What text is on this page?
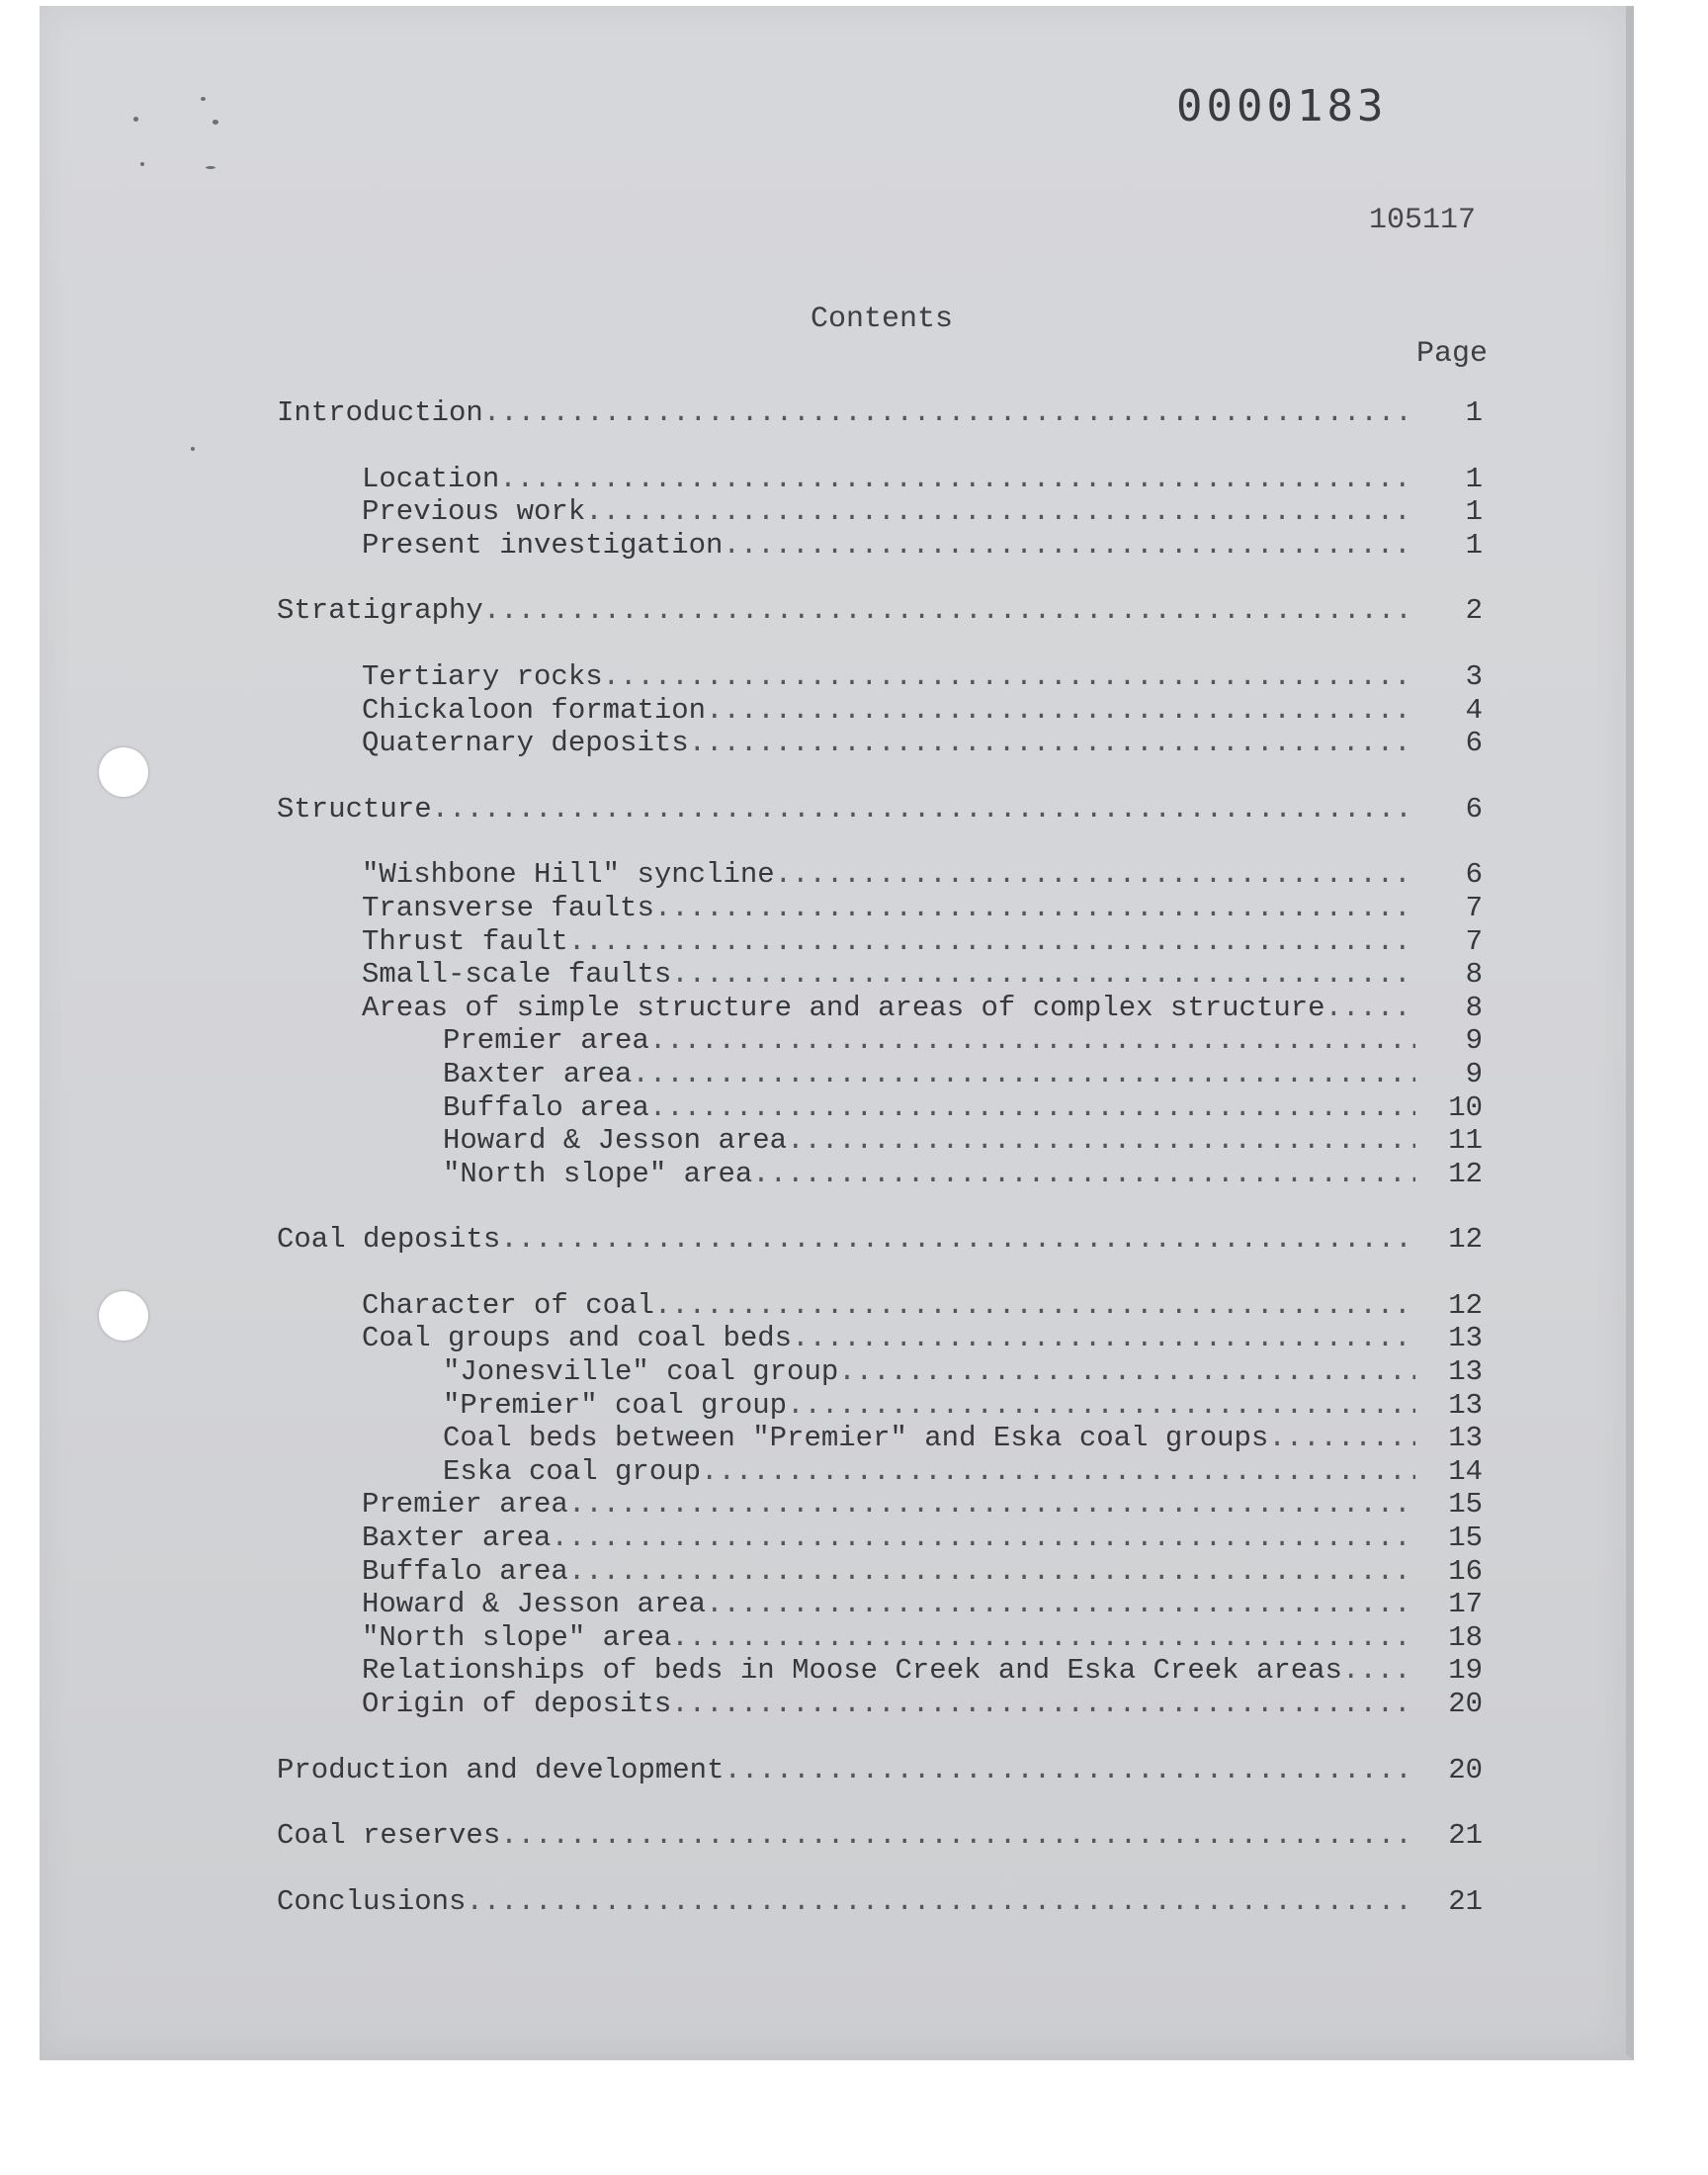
0000183
105117
Contents
Page
Introduction .....	1
Location .....	1
Previous work .....	1
Present investigation .....	1
Stratigraphy .....	2
Tertiary rocks .....	3
Chickaloon formation .....	4
Quaternary deposits .....	6
Structure .....	6
"Wishbone Hill" syncline .....	6
Transverse faults .....	7
Thrust fault .....	7
Small-scale faults .....	8
Areas of simple structure and areas of complex structure .....	8
Premier area .....	9
Baxter area .....	9
Buffalo area .....	10
Howard & Jesson area .....	11
"North slope" area .....	12
Coal deposits .....	12
Character of coal .....	12
Coal groups and coal beds .....	13
"Jonesville" coal group .....	13
"Premier" coal group .....	13
Coal beds between "Premier" and Eska coal groups .....	13
Eska coal group .....	14
Premier area .....	15
Baxter area .....	15
Buffalo area .....	16
Howard & Jesson area .....	17
"North slope" area .....	18
Relationships of beds in Moose Creek and Eska Creek areas .....	19
Origin of deposits .....	20
Production and development .....	20
Coal reserves .....	21
Conclusions .....	21
